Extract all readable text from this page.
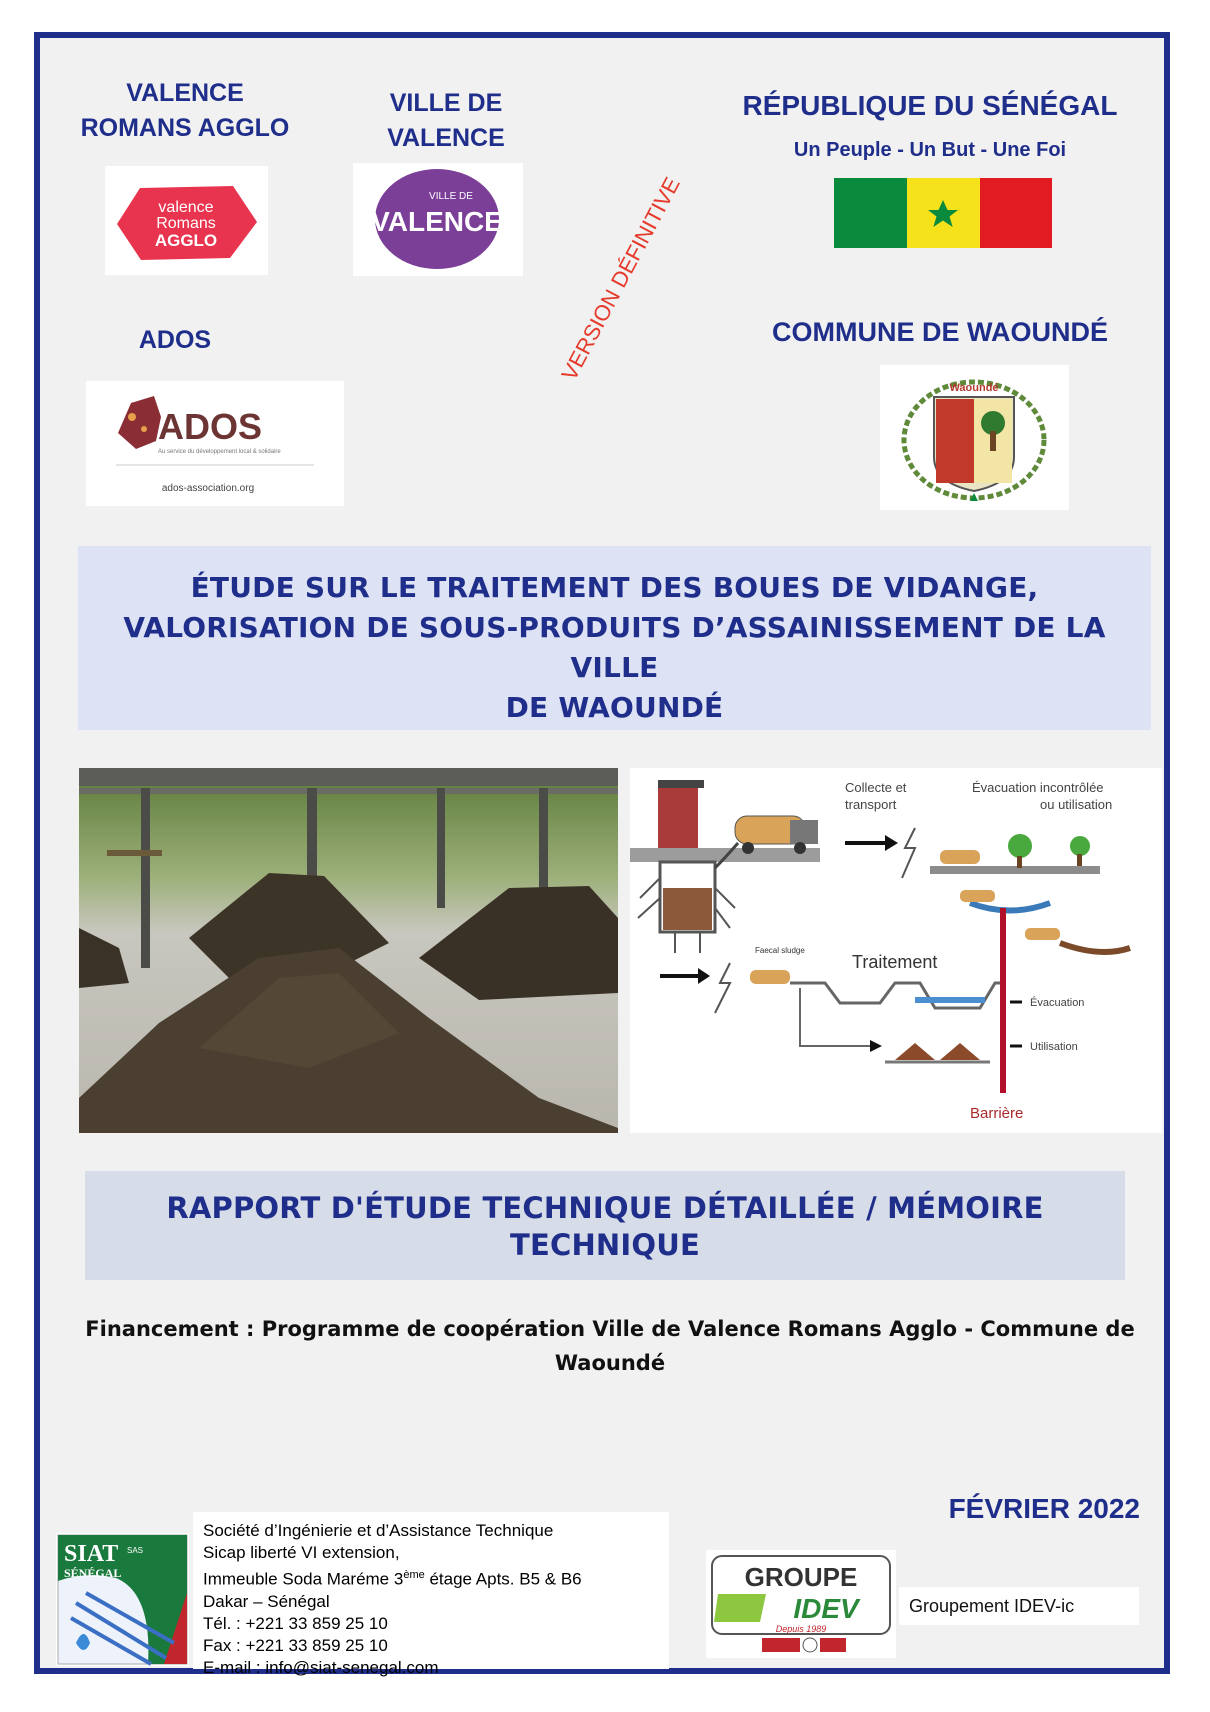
VALENCE

ROMANS AGGLO

valence
Romans
AGGLO

VILLE DE

VALENCE

VILLE DE
VALENCE

ADOS

ADOS
Au service du développement local & solidaire
ados-association.org

RÉPUBLIQUE DU SÉNÉGAL

Un Peuple - Un But - Une Foi
VERSION DÉFINITIVE	COMMUNE DE WAOUNDÉ

Waoundé
ÉTUDE SUR LE TRAITEMENT DES BOUES DE VIDANGE,
VALORISATION DE SOUS-PRODUITS D’ASSAINISSEMENT DE LA VILLE
DE WAOUNDÉ
Faecal sludge
Collecte et
transport
Évacuation incontrôlée
ou utilisation
Traitement
Évacuation
Utilisation
Barrière
RAPPORT D'ÉTUDE TECHNIQUE DÉTAILLÉE / MÉMOIRE
TECHNIQUE
Financement : Programme de coopération Ville de Valence Romans Agglo - Commune de
Waoundé
FÉVRIER 2022
SIAT SAS
SÉNÉGAL

Société d’Ingénierie et d’Assistance Technique

Sicap liberté VI extension,

Immeuble Soda Maréme 3ème étage Apts. B5 & B6

Dakar – Sénégal

Tél. : +221 33 859 25 10

Fax : +221 33 859 25 10

E-mail : info@siat-senegal.com

GROUPE
IDEV
Depuis 1989
Groupement IDEV-ic
